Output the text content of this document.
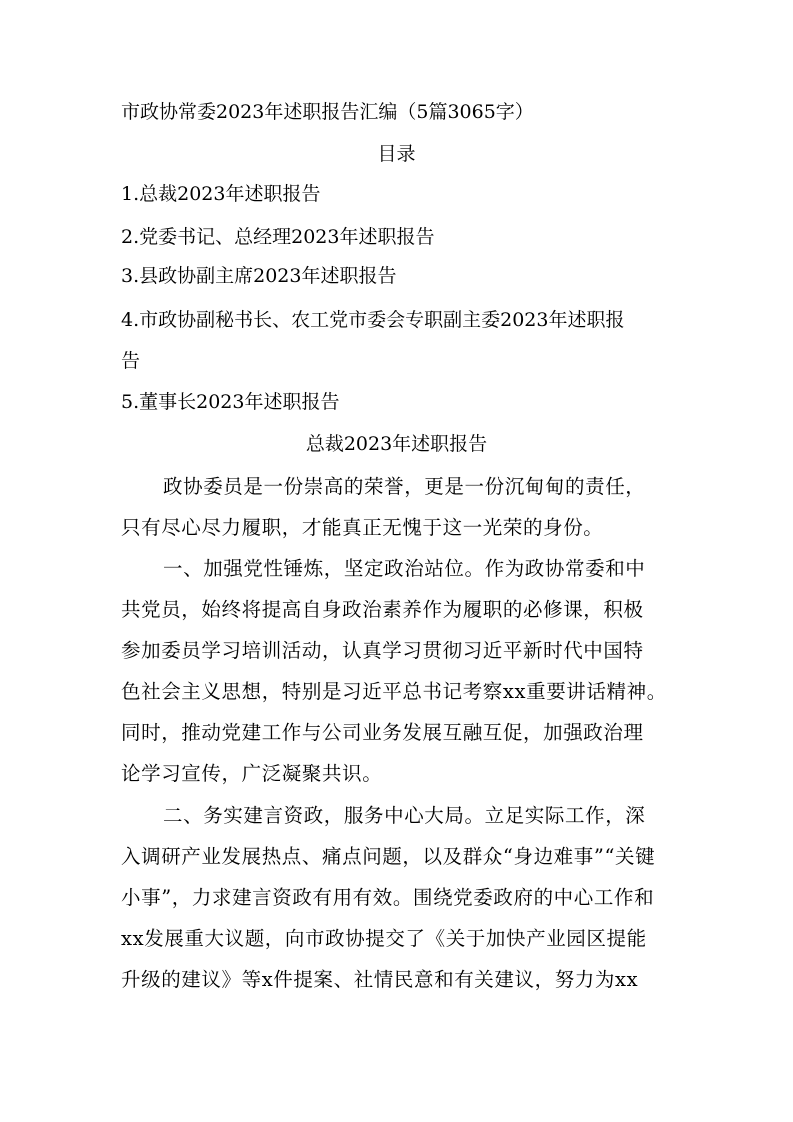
市政协常委2023年述职报告汇编（5篇3065字）
目录
1.总裁2023年述职报告
2.党委书记、总经理2023年述职报告
3.县政协副主席2023年述职报告
4.市政协副秘书长、农工党市委会专职副主委2023年述职报
告
5.董事长2023年述职报告
总裁2023年述职报告
政协委员是一份崇高的荣誉，更是一份沉甸甸的责任，
只有尽心尽力履职，才能真正无愧于这一光荣的身份。
一、加强党性锤炼，坚定政治站位。作为政协常委和中
共党员，始终将提高自身政治素养作为履职的必修课，积极
参加委员学习培训活动，认真学习贯彻习近平新时代中国特
色社会主义思想，特别是习近平总书记考察xx重要讲话精神。
同时，推动党建工作与公司业务发展互融互促，加强政治理
论学习宣传，广泛凝聚共识。
二、务实建言资政，服务中心大局。立足实际工作，深
入调研产业发展热点、痛点问题，以及群众“身边难事”“关键
小事”，力求建言资政有用有效。围绕党委政府的中心工作和
xx发展重大议题，向市政协提交了《关于加快产业园区提能
升级的建议》等x件提案、社情民意和有关建议，努力为xx
